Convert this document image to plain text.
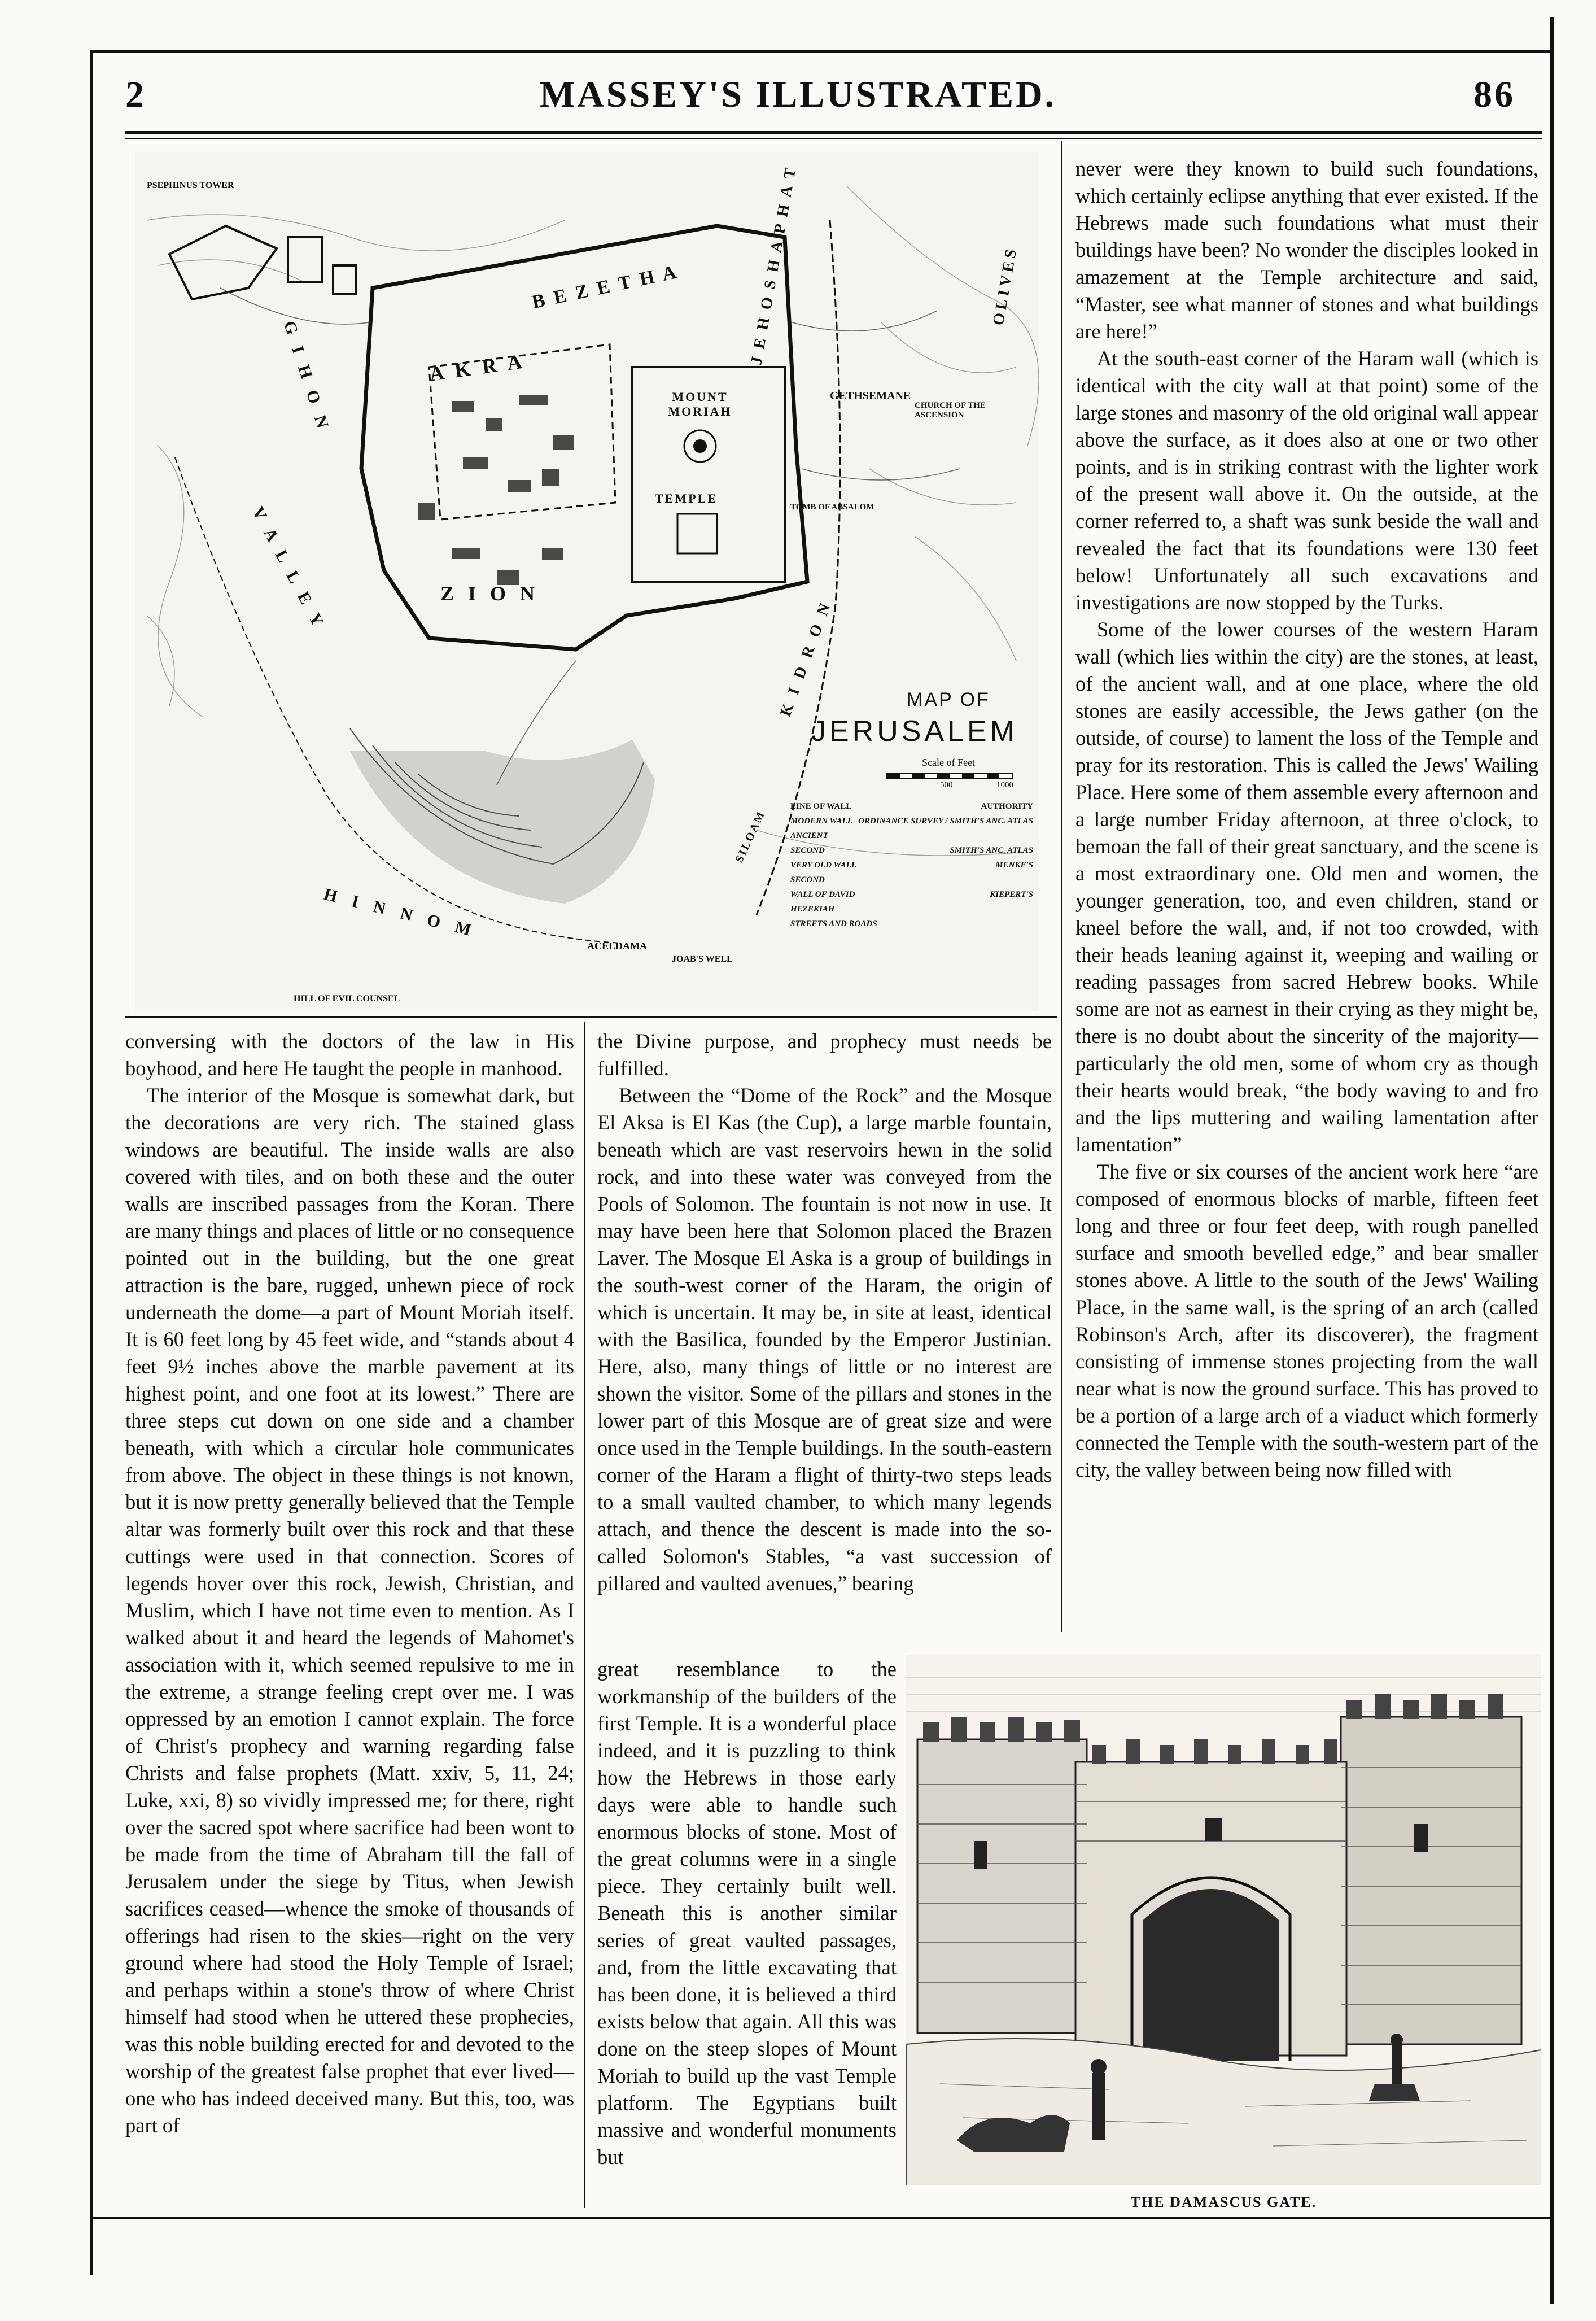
2	MASSEY'S ILLUSTRATED.	86
B E Z E T H A
A K R A
MOUNT MORIAH
TEMPLE
Z I O N
H I N N O M
K I D R O N
J E H O S H A P H A T	OLIVES
GETHSEMANE
CHURCH OF THE ASCENSION
TOMB OF ABSALOM
V A L L E Y
G I H O N
ACELDAMA
JOAB'S WELL
HILL OF EVIL COUNSEL
PSEPHINUS TOWER
SILOAM
MAP OF
JERUSALEM
Scale of Feet
500	1000
LINE OF WALL	AUTHORITY
MODERN WALL ORDINANCE SURVEY / SMITH'S ANC. ATLAS
ANCIENT
SECOND	SMITH'S ANC. ATLAS
VERY OLD WALL	MENKE'S
SECOND
WALL OF DAVID	KIEPERT'S
HEZEKIAH
STREETS AND ROADS

never were they known to build such foundations, which certainly eclipse anything that ever existed. If the Hebrews made such foundations what must their buildings have been? No wonder the disciples looked in amazement at the Temple architecture and said, “Master, see what manner of stones and what buildings are here!”

At the south-east corner of the Haram wall (which is identical with the city wall at that point) some of the large stones and masonry of the old original wall appear above the surface, as it does also at one or two other points, and is in striking contrast with the lighter work of the present wall above it. On the outside, at the corner referred to, a shaft was sunk beside the wall and revealed the fact that its foundations were 130 feet below! Unfortunately all such excavations and investigations are now stopped by the Turks.

Some of the lower courses of the western Haram wall (which lies within the city) are the stones, at least, of the ancient wall, and at one place, where the old stones are easily accessible, the Jews gather (on the outside, of course) to lament the loss of the Temple and pray for its restoration. This is called the Jews' Wailing Place. Here some of them assemble every afternoon and a large number Friday afternoon, at three o'clock, to bemoan the fall of their great sanctuary, and the scene is a most extraordinary one. Old men and women, the younger generation, too, and even children, stand or kneel before the wall, and, if not too crowded, with their heads leaning against it, weeping and wailing or reading passages from sacred Hebrew books. While some are not as earnest in their crying as they might be, there is no doubt about the sincerity of the majority—particularly the old men, some of whom cry as though their hearts would break, “the body waving to and fro and the lips muttering and wailing lamentation after lamentation”

The five or six courses of the ancient work here “are composed of enormous blocks of marble, fifteen feet long and three or four feet deep, with rough panelled surface and smooth bevelled edge,” and bear smaller stones above. A little to the south of the Jews' Wailing Place, in the same wall, is the spring of an arch (called Robinson's Arch, after its discoverer), the fragment consisting of immense stones projecting from the wall near what is now the ground surface. This has proved to be a portion of a large arch of a viaduct which formerly connected the Temple with the south-western part of the city, the valley between being now filled with

conversing with the doctors of the law in His boyhood, and here He taught the people in manhood.

The interior of the Mosque is somewhat dark, but the decorations are very rich. The stained glass windows are beautiful. The inside walls are also covered with tiles, and on both these and the outer walls are inscribed passages from the Koran. There are many things and places of little or no consequence pointed out in the building, but the one great attraction is the bare, rugged, unhewn piece of rock underneath the dome—a part of Mount Moriah itself. It is 60 feet long by 45 feet wide, and “stands about 4 feet 9½ inches above the marble pavement at its highest point, and one foot at its lowest.” There are three steps cut down on one side and a chamber beneath, with which a circular hole communicates from above. The object in these things is not known, but it is now pretty generally believed that the Temple altar was formerly built over this rock and that these cuttings were used in that connection. Scores of legends hover over this rock, Jewish, Christian, and Muslim, which I have not time even to mention. As I walked about it and heard the legends of Mahomet's association with it, which seemed repulsive to me in the extreme, a strange feeling crept over me. I was oppressed by an emotion I cannot explain. The force of Christ's prophecy and warning regarding false Christs and false prophets (Matt. xxiv, 5, 11, 24; Luke, xxi, 8) so vividly impressed me; for there, right over the sacred spot where sacrifice had been wont to be made from the time of Abraham till the fall of Jerusalem under the siege by Titus, when Jewish sacrifices ceased—whence the smoke of thousands of offerings had risen to the skies—right on the very ground where had stood the Holy Temple of Israel; and perhaps within a stone's throw of where Christ himself had stood when he uttered these prophecies, was this noble building erected for and devoted to the worship of the greatest false prophet that ever lived—one who has indeed deceived many. But this, too, was part of

the Divine purpose, and prophecy must needs be fulfilled.

Between the “Dome of the Rock” and the Mosque El Aksa is El Kas (the Cup), a large marble fountain, beneath which are vast reservoirs hewn in the solid rock, and into these water was conveyed from the Pools of Solomon. The fountain is not now in use. It may have been here that Solomon placed the Brazen Laver. The Mosque El Aska is a group of buildings in the south-west corner of the Haram, the origin of which is uncertain. It may be, in site at least, identical with the Basilica, founded by the Emperor Justinian. Here, also, many things of little or no interest are shown the visitor. Some of the pillars and stones in the lower part of this Mosque are of great size and were once used in the Temple buildings. In the south-eastern corner of the Haram a flight of thirty-two steps leads to a small vaulted chamber, to which many legends attach, and thence the descent is made into the so-called Solomon's Stables, “a vast succession of pillared and vaulted avenues,” bearing

great resemblance to the workmanship of the builders of the first Temple. It is a wonderful place indeed, and it is puzzling to think how the Hebrews in those early days were able to handle such enormous blocks of stone. Most of the great columns were in a single piece. They certainly built well. Beneath this is another similar series of great vaulted passages, and, from the little excavating that has been done, it is believed a third exists below that again. All this was done on the steep slopes of Mount Moriah to build up the vast Temple platform. The Egyptians built massive and wonderful monuments but

THE DAMASCUS GATE.
